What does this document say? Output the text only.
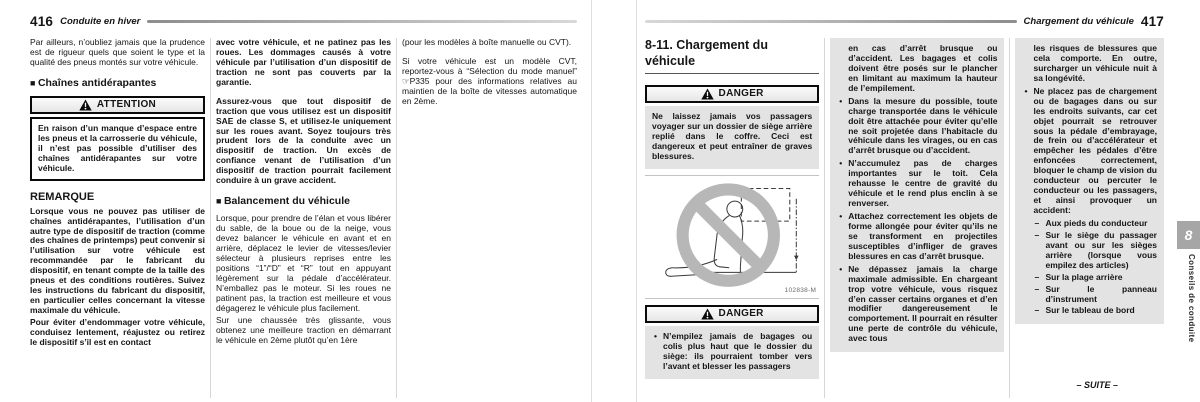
416 Conduite en hiver

Par ailleurs, n’oubliez jamais que la prudence est de rigueur quels que soient le type et la qualité des pneus montés sur votre véhicule.

■ Chaînes antidérapantes
ATTENTION
En raison d’un manque d’espace entre les pneus et la carrosserie du véhicule, il n’est pas possible d’utiliser des chaînes antidérapantes sur votre véhicule.
REMARQUE

Lorsque vous ne pouvez pas utiliser de chaînes antidérapantes, l’utilisation d’un autre type de dispositif de traction (comme des chaînes de printemps) peut convenir si l’utilisation sur votre véhicule est recommandée par le fabricant du dispositif, en tenant compte de la taille des pneus et des conditions routières. Suivez les instructions du fabricant du dispositif, en particulier celles concernant la vitesse maximale du véhicule.

Pour éviter d’endommager votre véhicule, conduisez lentement, réajustez ou retirez le dispositif s’il est en contact

avec votre véhicule, et ne patinez pas les roues. Les dommages causés à votre véhicule par l’utilisation d’un dispositif de traction ne sont pas couverts par la garantie.

Assurez-vous que tout dispositif de traction que vous utilisez est un dispositif SAE de classe S, et utilisez-le uniquement sur les roues avant. Soyez toujours très prudent lors de la conduite avec un dispositif de traction. Un excès de confiance venant de l’utilisation d’un dispositif de traction pourrait facilement conduire à un grave accident.

■ Balancement du véhicule

Lorsque, pour prendre de l’élan et vous libérer du sable, de la boue ou de la neige, vous devez balancer le véhicule en avant et en arrière, déplacez le levier de vitesses/levier sélecteur à plusieurs reprises entre les positions “1”/“D” et “R” tout en appuyant légèrement sur la pédale d’accélérateur. N’emballez pas le moteur. Si les roues ne patinent pas, la traction est meilleure et vous dégagerez le véhicule plus facilement.

Sur une chaussée très glissante, vous obtenez une meilleure traction en démarrant le véhicule en 2ème plutôt qu’en 1ère

(pour les modèles à boîte manuelle ou CVT).

Si votre véhicule est un modèle CVT, reportez-vous à “Sélection du mode manuel” ☞P335 pour des informations relatives au maintien de la boîte de vitesses automatique en 2ème.

Chargement du véhicule 417
8-11. Chargement du véhicule
DANGER
Ne laissez jamais vos passagers voyager sur un dossier de siège arrière replié dans le coffre. Ceci est dangereux et peut entraîner de graves blessures.
102838-M
DANGER
• N’empilez jamais de bagages ou colis plus haut que le dossier du siège: ils pourraient tomber vers l’avant et blesser les passagers
en cas d’arrêt brusque ou d’accident. Les bagages et colis doivent être posés sur le plancher en limitant au maximum la hauteur de l’empilement.
• Dans la mesure du possible, toute charge transportée dans le véhicule doit être attachée pour éviter qu’elle ne soit projetée dans l’habitacle du véhicule dans les virages, ou en cas d’arrêt brusque ou d’accident.
• N’accumulez pas de charges importantes sur le toit. Cela rehausse le centre de gravité du véhicule et le rend plus enclin à se renverser.
• Attachez correctement les objets de forme allongée pour éviter qu’ils ne se transforment en projectiles susceptibles d’infliger de graves blessures en cas d’arrêt brusque.
• Ne dépassez jamais la charge maximale admissible. En chargeant trop votre véhicule, vous risquez d’en casser certains organes et d’en modifier dangereusement le comportement. Il pourrait en résulter une perte de contrôle du véhicule, avec tous
les risques de blessures que cela comporte. En outre, surcharger un véhicule nuit à sa longévité.
• Ne placez pas de chargement ou de bagages dans ou sur les endroits suivants, car cet objet pourrait se retrouver sous la pédale d’embrayage, de frein ou d’accélérateur et empêcher les pédales d’être enfoncées correctement, bloquer le champ de vision du conducteur ou percuter le conducteur ou les passagers, et ainsi provoquer un accident:
– Aux pieds du conducteur
– Sur le siège du passager avant ou sur les sièges arrière (lorsque vous empilez des articles)
– Sur la plage arrière
– Sur le panneau d’instrument
– Sur le tableau de bord
– SUITE –
8
Conseils de conduite
